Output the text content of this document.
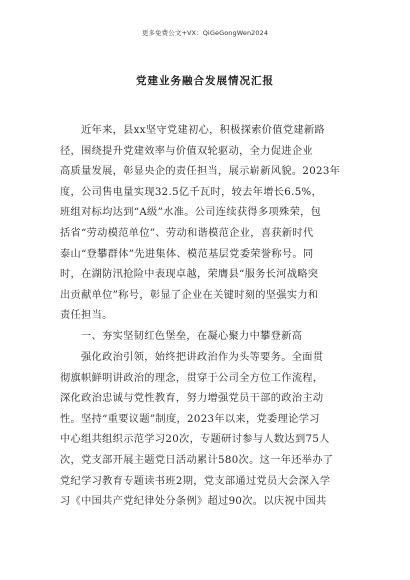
更多免费公文+VX：QiGeGongWen2024
党建业务融合发展情况汇报
近年来，县xx坚守党建初心，积极探索价值党建新路
径，围绕提升党建效率与价值双轮驱动，全力促进企业
高质量发展，彰显央企的责任担当，展示崭新风貌。2023年
度，公司售电量实现32.5亿千瓦时，较去年增长6.5%，
班组对标均达到“A级”水准。公司连续获得多项殊荣，包
括省“劳动模范单位”、劳动和谐模范企业，喜获新时代
泰山“登攀群体”先进集体、模范基层党委荣誉称号。同
时，在湖防汛抢险中表现卓越，荣膺县“服务长河战略突
出贡献单位”称号，彰显了企业在关键时刻的坚强实力和
责任担当。
一、夯实坚韧红色堡垒，在凝心聚力中攀登新高
强化政治引领，始终把讲政治作为头等要务。全面贯
彻旗帜鲜明讲政治的理念，贯穿于公司全方位工作流程，
深化政治忠诚与党性教育，努力增强党员干部的政治主动
性。坚持“重要议题”制度，2023年以来，党委理论学习
中心组共组织示范学习20次，专题研讨参与人数达到75人
次，党支部开展主题党日活动累计580次。这一年还举办了
党纪学习教育专题读书班2期，党支部通过党员大会深入学
习《中国共产党纪律处分条例》超过90次。以庆祝中国共
